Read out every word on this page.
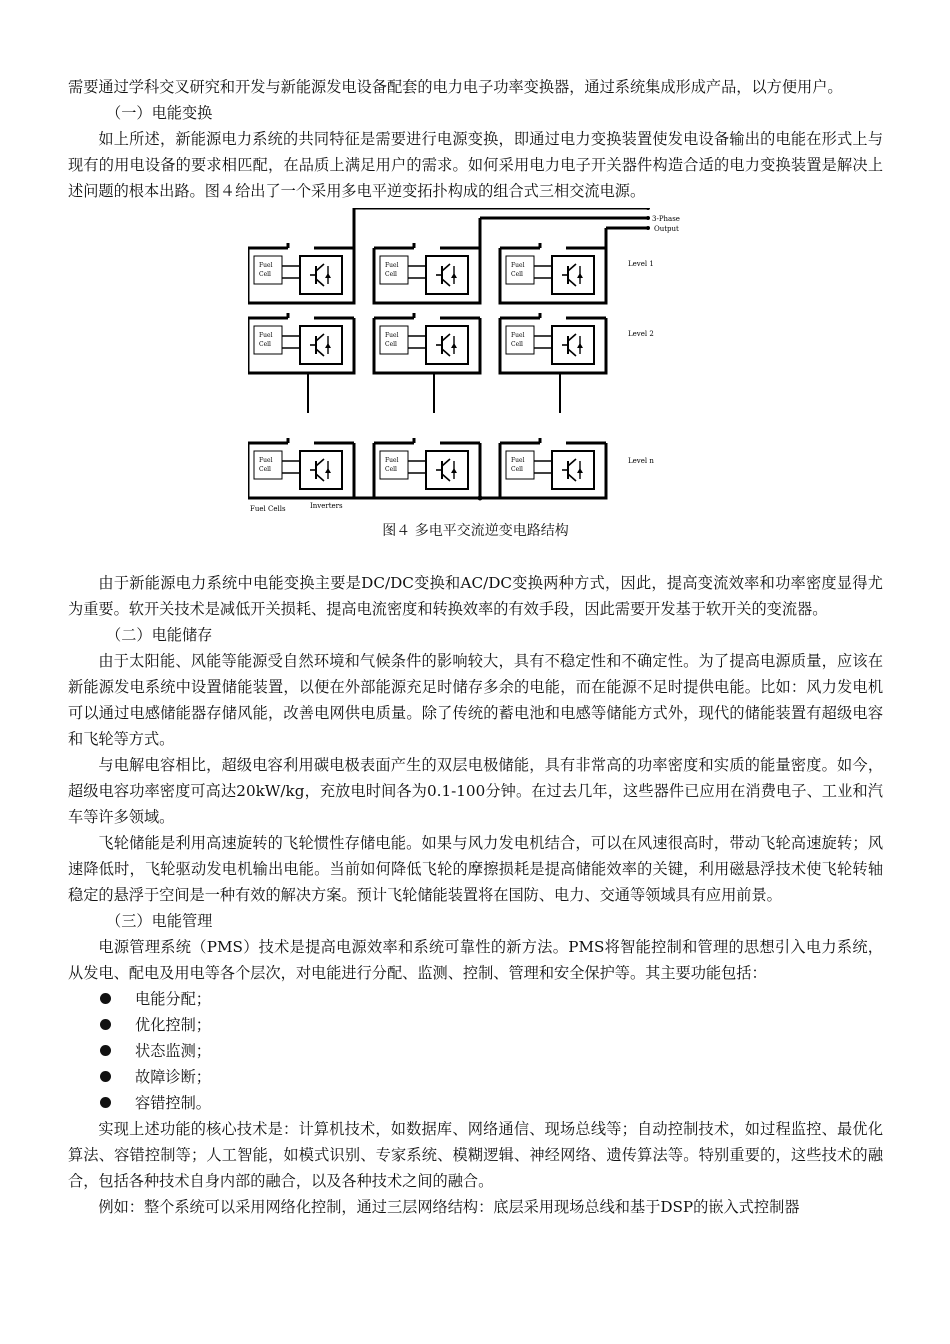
需要通过学科交叉研究和开发与新能源发电设备配套的电力电子功率变换器，通过系统集成形成产品，以方便用户。

（一）电能变换

如上所述，新能源电力系统的共同特征是需要进行电源变换，即通过电力变换装置使发电设备输出的电能在形式上与现有的用电设备的要求相匹配，在品质上满足用户的需求。如何采用电力电子开关器件构造合适的电力变换装置是解决上述问题的根本出路。图４给出了一个采用多电平逆变拓扑构成的组合式三相交流电源。

Fuel
Cell
Fuel
Cell
Fuel
Cell
Fuel
Cell
Fuel
Cell
Fuel
Cell
Fuel
Cell
Fuel
Cell
Fuel
Cell
3-Phase
Output
Level 1
Level 2
Level n
Fuel Cells	Inverters

图４ 多电平交流逆变电路结构

由于新能源电力系统中电能变换主要是DC/DC变换和AC/DC变换两种方式，因此，提高变流效率和功率密度显得尤为重要。软开关技术是减低开关损耗、提高电流密度和转换效率的有效手段，因此需要开发基于软开关的变流器。

（二）电能储存

由于太阳能、风能等能源受自然环境和气候条件的影响较大，具有不稳定性和不确定性。为了提高电源质量，应该在新能源发电系统中设置储能装置，以便在外部能源充足时储存多余的电能，而在能源不足时提供电能。比如：风力发电机可以通过电感储能器存储风能，改善电网供电质量。除了传统的蓄电池和电感等储能方式外，现代的储能装置有超级电容和飞轮等方式。

与电解电容相比，超级电容利用碳电极表面产生的双层电极储能，具有非常高的功率密度和实质的能量密度。如今，超级电容功率密度可高达20kW/kg，充放电时间各为0.1-100分钟。在过去几年，这些器件已应用在消费电子、工业和汽车等许多领域。

飞轮储能是利用高速旋转的飞轮惯性存储电能。如果与风力发电机结合，可以在风速很高时，带动飞轮高速旋转；风速降低时，飞轮驱动发电机输出电能。当前如何降低飞轮的摩擦损耗是提高储能效率的关键，利用磁悬浮技术使飞轮转轴稳定的悬浮于空间是一种有效的解决方案。预计飞轮储能装置将在国防、电力、交通等领域具有应用前景。

（三）电能管理

电源管理系统（PMS）技术是提高电源效率和系统可靠性的新方法。PMS将智能控制和管理的思想引入电力系统，从发电、配电及用电等各个层次，对电能进行分配、监测、控制、管理和安全保护等。其主要功能包括：

电能分配；
优化控制；
状态监测；
故障诊断；
容错控制。

实现上述功能的核心技术是：计算机技术，如数据库、网络通信、现场总线等；自动控制技术，如过程监控、最优化算法、容错控制等；人工智能，如模式识别、专家系统、模糊逻辑、神经网络、遗传算法等。特别重要的，这些技术的融合，包括各种技术自身内部的融合，以及各种技术之间的融合。

例如：整个系统可以采用网络化控制，通过三层网络结构：底层采用现场总线和基于DSP的嵌入式控制器
